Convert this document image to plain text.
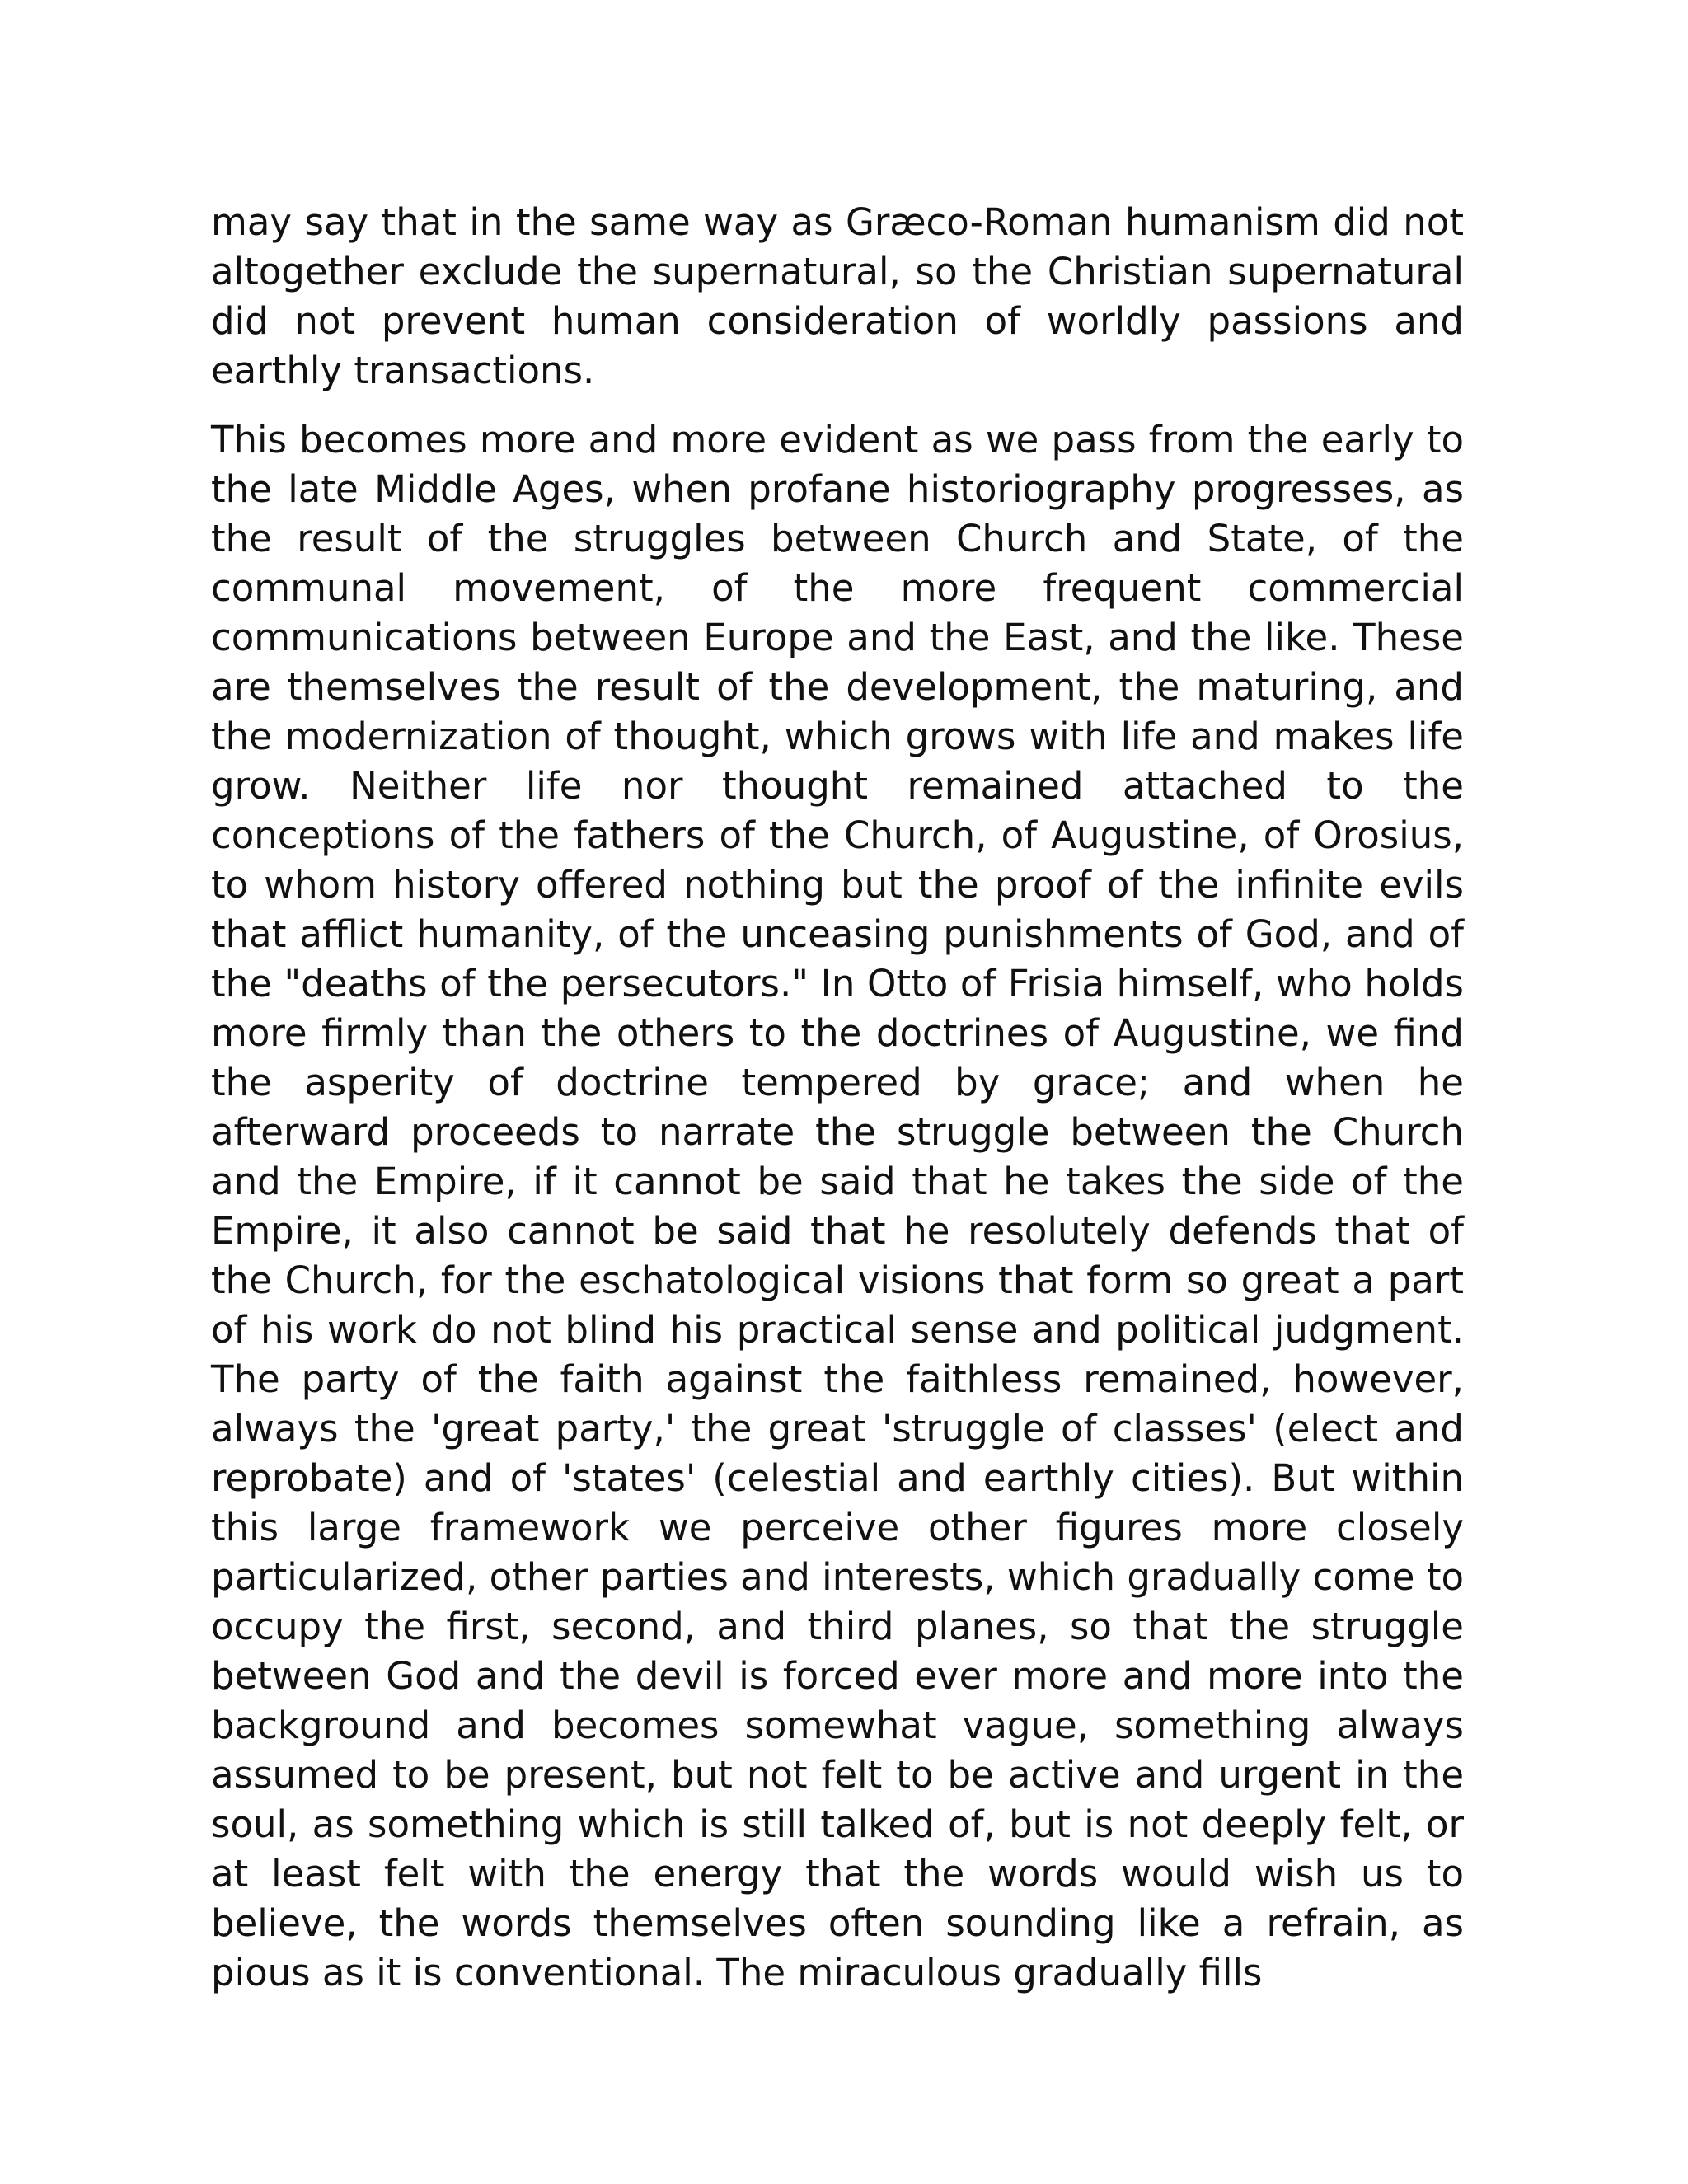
may say that in the same way as Græco-Roman humanism did not altogether exclude the supernatural, so the Christian supernatural did not prevent human consideration of worldly passions and earthly transactions.

This becomes more and more evident as we pass from the early to the late Middle Ages, when profane historiography progresses, as the result of the struggles between Church and State, of the communal movement, of the more frequent commercial communications between Europe and the East, and the like. These are themselves the result of the development, the maturing, and the modernization of thought, which grows with life and makes life grow. Neither life nor thought remained attached to the conceptions of the fathers of the Church, of Augustine, of Orosius, to whom history offered nothing but the proof of the infinite evils that afflict humanity, of the unceasing punishments of God, and of the "deaths of the persecutors." In Otto of Frisia himself, who holds more firmly than the others to the doctrines of Augustine, we find the asperity of doctrine tempered by grace; and when he afterward proceeds to narrate the struggle between the Church and the Empire, if it cannot be said that he takes the side of the Empire, it also cannot be said that he resolutely defends that of the Church, for the eschatological visions that form so great a part of his work do not blind his practical sense and political judgment. The party of the faith against the faithless remained, however, always the 'great party,' the great 'struggle of classes' (elect and reprobate) and of 'states' (celestial and earthly cities). But within this large framework we perceive other figures more closely particularized, other parties and interests, which gradually come to occupy the first, second, and third planes, so that the struggle between God and the devil is forced ever more and more into the background and becomes somewhat vague, something always assumed to be present, but not felt to be active and urgent in the soul, as something which is still talked of, but is not deeply felt, or at least felt with the energy that the words would wish us to believe, the words themselves often sounding like a refrain, as pious as it is conventional. The miraculous gradually fills
